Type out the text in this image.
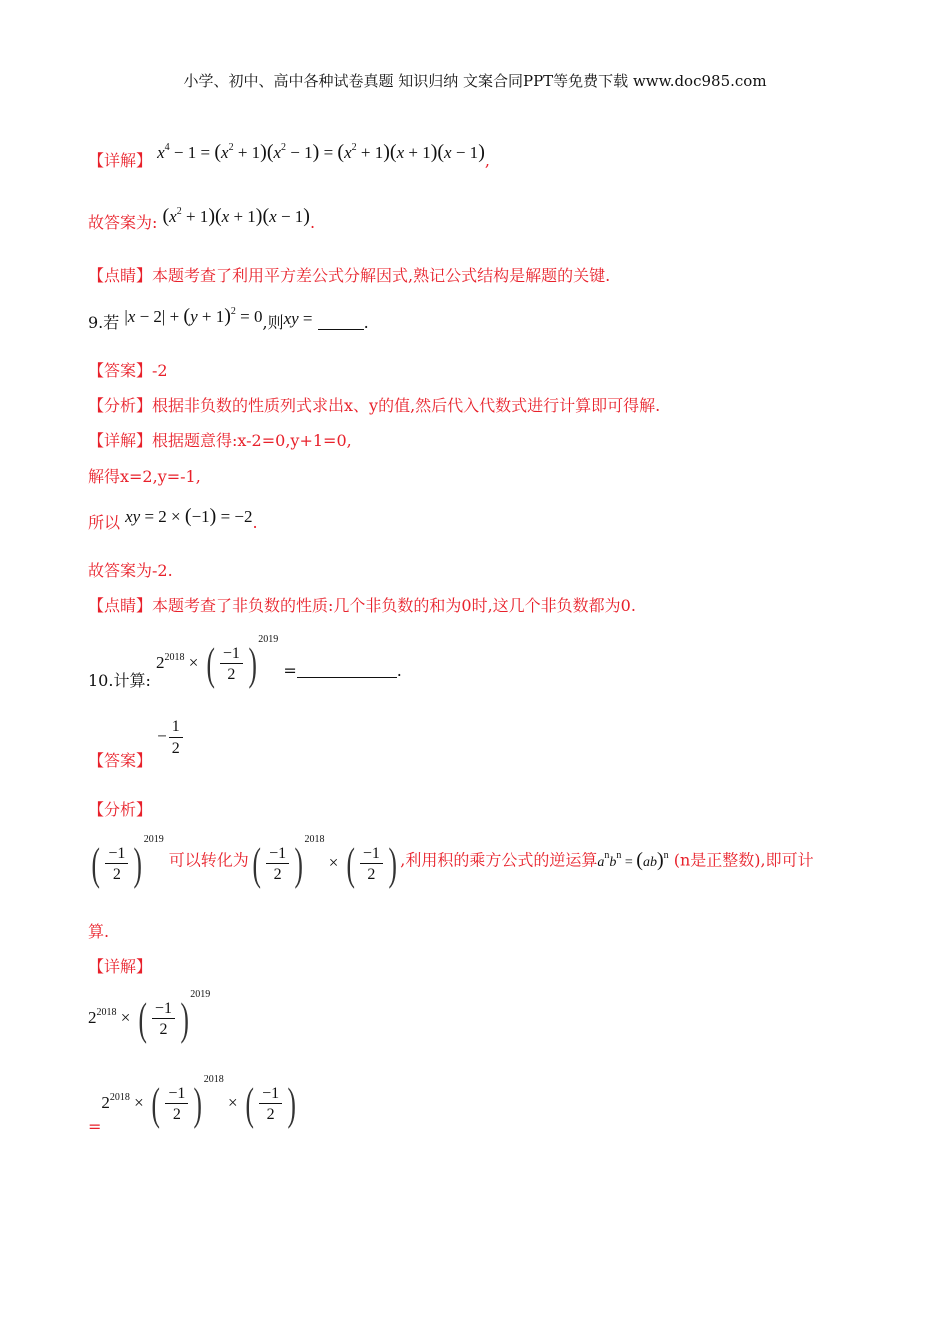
小学、初中、高中各种试卷真题 知识归纳 文案合同PPT等免费下载 www.doc985.com
【详解】 $x^4 - 1 = (x^2 + 1)(x^2 - 1) = (x^2 + 1)(x + 1)(x - 1)$,
故答案为: $(x^2 + 1)(x + 1)(x - 1)$.
【点睛】本题考查了利用平方差公式分解因式,熟记公式结构是解题的关键.
9.若 $|x - 2| + (y + 1)^2 = 0$,则xy =	.
【答案】-2
【分析】根据非负数的性质列式求出x、y的值,然后代入代数式进行计算即可得解.
【详解】根据题意得:x-2=0,y+1=0,
解得x=2,y=-1,
所以 xy = 2 × (−1) = −2.
故答案为-2.
【点睛】本题考查了非负数的性质:几个非负数的和为0时,这几个非负数都为0.
10.计算: $2^{2018}$ × ( $\frac{-1}{2} )2019$ =	.
【答案】 − $\frac{1}{2}$
【分析】
( $\frac{-1}{2} )2019$ 可以转化为( $\frac{-1}{2} )2018$ × ( $\frac{-1}{2}$ ) ,利用积的乘方公式的逆运算$a^nb^n = (ab)^n$ (n是正整数),即可计
算.
【详解】
$2^{2018}$ × ( $\frac{-1}{2} )2019$
$=2^{2018}$ × ( $\frac{-1}{2} )2018$ × ( $\frac{-1}{2}$ )
